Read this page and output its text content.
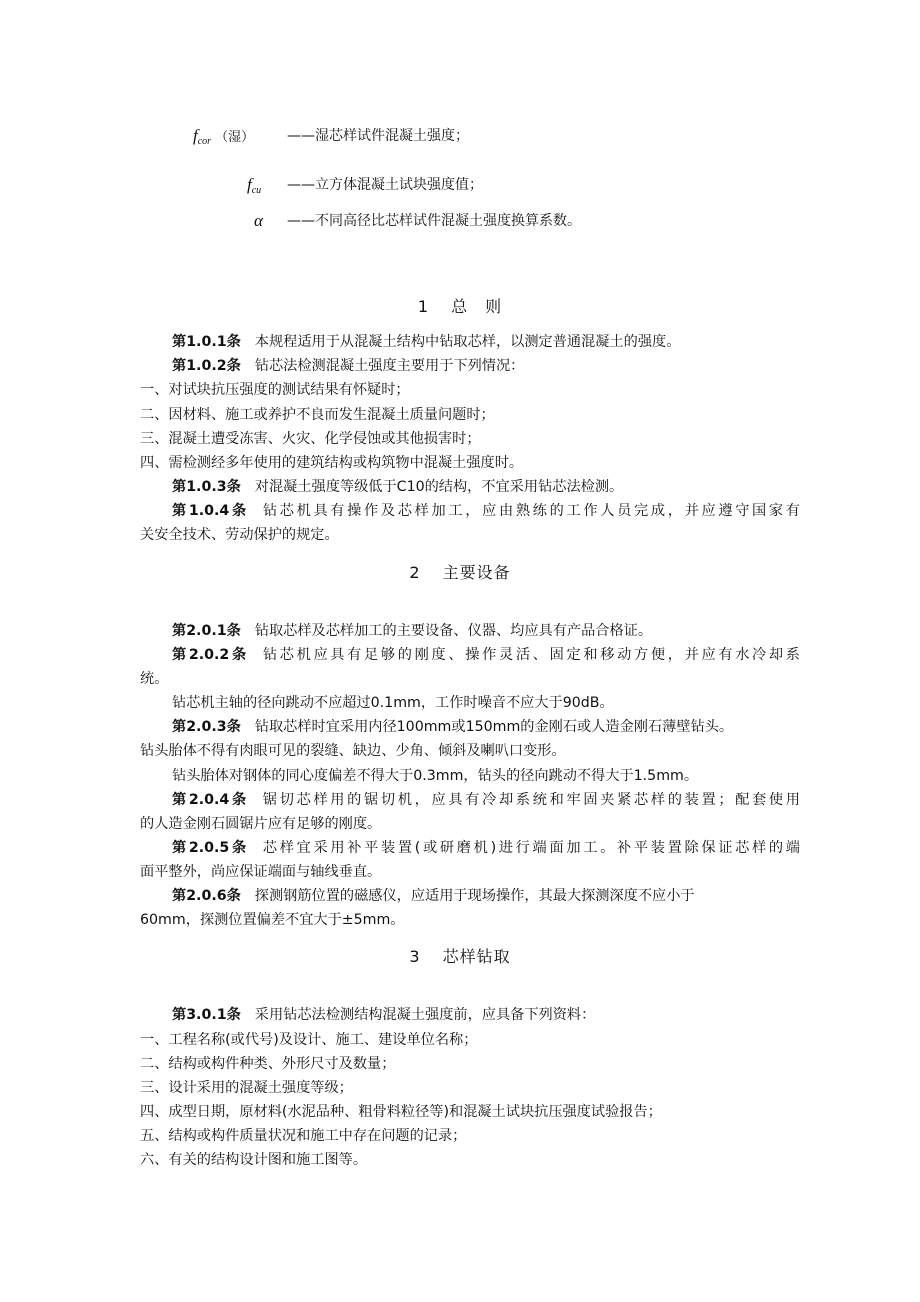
$f_{cor}$ （湿） ——湿芯样试件混凝土强度；
$f_{cu}$ ——立方体混凝土试块强度值；
α ——不同高径比芯样试件混凝土强度换算系数。
1 总　则
第1.0.1条 本规程适用于从混凝土结构中钻取芯样，以测定普通混凝土的强度。
第1.0.2条 钻芯法检测混凝土强度主要用于下列情况：
一、对试块抗压强度的测试结果有怀疑时；
二、因材料、施工或养护不良而发生混凝土质量问题时；
三、混凝土遭受冻害、火灾、化学侵蚀或其他损害时；
四、需检测经多年使用的建筑结构或构筑物中混凝土强度时。
第1.0.3条 对混凝土强度等级低于C10的结构，不宜采用钻芯法检测。
第1.0.4条 钻芯机具有操作及芯样加工，应由熟练的工作人员完成，并应遵守国家有
关安全技术、劳动保护的规定。
2 主要设备
第2.0.1条 钻取芯样及芯样加工的主要设备、仪器、均应具有产品合格证。
第2.0.2条 钻芯机应具有足够的刚度、操作灵活、固定和移动方便，并应有水冷却系
统。
钻芯机主轴的径向跳动不应超过0.1mm，工作时噪音不应大于90dB。
第2.0.3条 钻取芯样时宜采用内径100mm或150mm的金刚石或人造金刚石薄壁钻头。
钻头胎体不得有肉眼可见的裂缝、缺边、少角、倾斜及喇叭口变形。
钻头胎体对钢体的同心度偏差不得大于0.3mm，钻头的径向跳动不得大于1.5mm。
第2.0.4条 锯切芯样用的锯切机，应具有冷却系统和牢固夹紧芯样的装置；配套使用
的人造金刚石圆锯片应有足够的刚度。
第2.0.5条 芯样宜采用补平装置(或研磨机)进行端面加工。补平装置除保证芯样的端
面平整外，尚应保证端面与轴线垂直。
第2.0.6条 探测钢筋位置的磁感仪，应适用于现场操作，其最大探测深度不应小于
60mm，探测位置偏差不宜大于±5mm。
3 芯样钻取
第3.0.1条 采用钻芯法检测结构混凝土强度前，应具备下列资料：
一、工程名称(或代号)及设计、施工、建设单位名称；
二、结构或构件种类、外形尺寸及数量；
三、设计采用的混凝土强度等级；
四、成型日期，原材料(水泥品种、粗骨料粒径等)和混凝土试块抗压强度试验报告；
五、结构或构件质量状况和施工中存在问题的记录；
六、有关的结构设计图和施工图等。
